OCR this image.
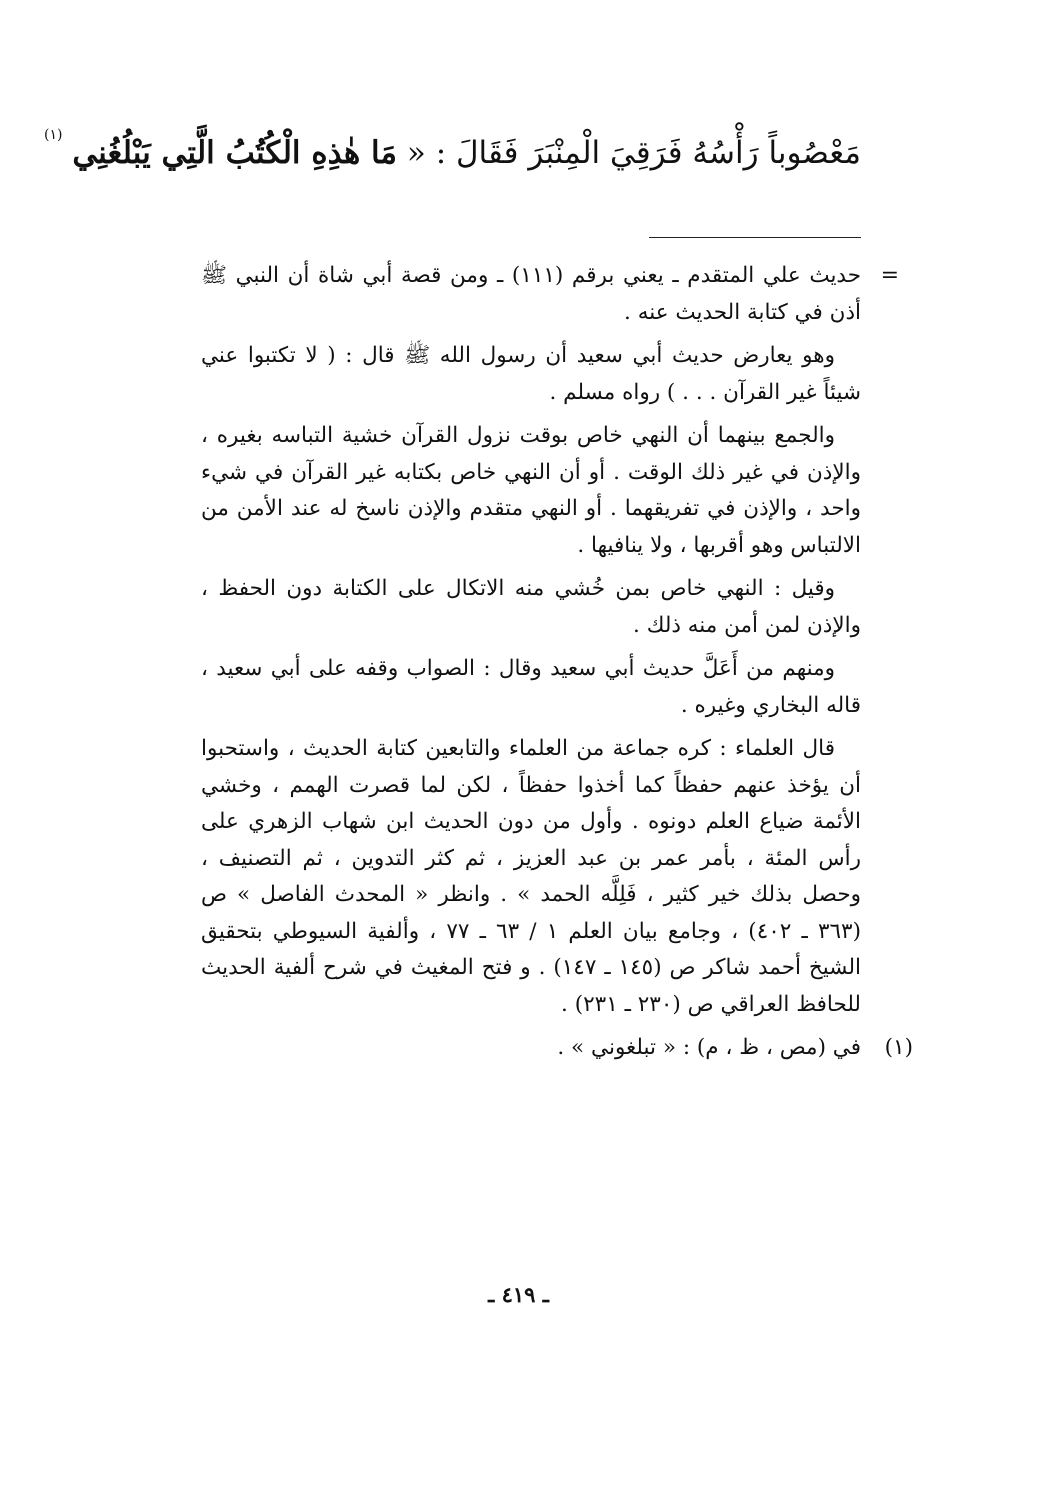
مَعْصُوباً رَأْسُهُ فَرَقِيَ الْمِنْبَرَ فَقَالَ : « مَا هٰذِهِ الْكُتُبُ الَّتِي يَبْلُغُنِي $^{(١)}$
=

حديث علي المتقدم ـ يعني برقم (١١١) ـ ومن قصة أبي شاة أن النبي ﷺ أذن في كتابة الحديث عنه .

وهو يعارض حديث أبي سعيد أن رسول الله ﷺ قال : ( لا تكتبوا عني شيئاً غير القرآن . . . ) رواه مسلم .

والجمع بينهما أن النهي خاص بوقت نزول القرآن خشية التباسه بغيره ، والإذن في غير ذلك الوقت . أو أن النهي خاص بكتابه غير القرآن في شيء واحد ، والإذن في تفريقهما . أو النهي متقدم والإذن ناسخ له عند الأمن من الالتباس وهو أقربها ، ولا ينافيها .

وقيل : النهي خاص بمن خُشي منه الاتكال على الكتابة دون الحفظ ، والإذن لمن أمن منه ذلك .

ومنهم من أَعَلَّ حديث أبي سعيد وقال : الصواب وقفه على أبي سعيد ، قاله البخاري وغيره .

قال العلماء : كره جماعة من العلماء والتابعين كتابة الحديث ، واستحبوا أن يؤخذ عنهم حفظاً كما أخذوا حفظاً ، لكن لما قصرت الهمم ، وخشي الأئمة ضياع العلم دونوه . وأول من دون الحديث ابن شهاب الزهري على رأس المئة ، بأمر عمر بن عبد العزيز ، ثم كثر التدوين ، ثم التصنيف ، وحصل بذلك خير كثير ، فَلِلَّه الحمد » . وانظر « المحدث الفاصل » ص (٣٦٣ ـ ٤٠٢) ، وجامع بيان العلم ١ / ٦٣ ـ ٧٧ ، وألفية السيوطي بتحقيق الشيخ أحمد شاكر ص (١٤٥ ـ ١٤٧) . و فتح المغيث في شرح ألفية الحديث للحافظ العراقي ص (٢٣٠ ـ ٢٣١) .

(١)
في (مص ، ظ ، م) : « تبلغوني » .
ـ ٤١٩ ـ
